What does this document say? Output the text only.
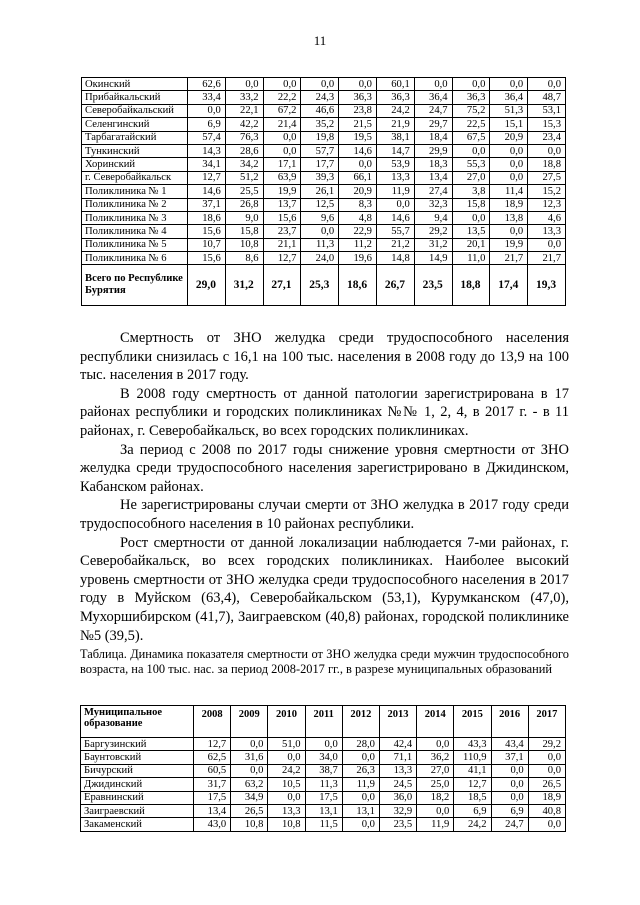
11
Окинский	62,6	0,0	0,0	0,0	0,0	60,1	0,0	0,0	0,0	0,0
Прибайкальский	33,4	33,2	22,2	24,3	36,3	36,3	36,4	36,3	36,4	48,7
Северобайкальский	0,0	22,1	67,2	46,6	23,8	24,2	24,7	75,2	51,3	53,1
Селенгинский	6,9	42,2	21,4	35,2	21,5	21,9	29,7	22,5	15,1	15,3
Тарбагатайский	57,4	76,3	0,0	19,8	19,5	38,1	18,4	67,5	20,9	23,4
Тункинский	14,3	28,6	0,0	57,7	14,6	14,7	29,9	0,0	0,0	0,0
Хоринский	34,1	34,2	17,1	17,7	0,0	53,9	18,3	55,3	0,0	18,8
г. Северобайкальск	12,7	51,2	63,9	39,3	66,1	13,3	13,4	27,0	0,0	27,5
Поликлиника № 1	14,6	25,5	19,9	26,1	20,9	11,9	27,4	3,8	11,4	15,2
Поликлиника № 2	37,1	26,8	13,7	12,5	8,3	0,0	32,3	15,8	18,9	12,3
Поликлиника № 3	18,6	9,0	15,6	9,6	4,8	14,6	9,4	0,0	13,8	4,6
Поликлиника № 4	15,6	15,8	23,7	0,0	22,9	55,7	29,2	13,5	0,0	13,3
Поликлиника № 5	10,7	10,8	21,1	11,3	11,2	21,2	31,2	20,1	19,9	0,0
Поликлиника № 6	15,6	8,6	12,7	24,0	19,6	14,8	14,9	11,0	21,7	21,7
Всего по Республике Бурятия	29,0	31,2	27,1	25,3	18,6	26,7	23,5	18,8	17,4	19,3

Смертность от ЗНО желудка среди трудоспособного населения республики снизилась с 16,1 на 100 тыс. населения в 2008 году до 13,9 на 100 тыс. населения в 2017 году.

В 2008 году смертность от данной патологии зарегистрирована в 17 районах республики и городских поликлиниках №№ 1, 2, 4, в 2017 г. - в 11 районах, г. Северобайкальск, во всех городских поликлиниках.

За период с 2008 по 2017 годы снижение уровня смертности от ЗНО желудка среди трудоспособного населения зарегистрировано в Джидинском, Кабанском районах.

Не зарегистрированы случаи смерти от ЗНО желудка в 2017 году среди трудоспособного населения в 10 районах республики.

Рост смертности от данной локализации наблюдается 7-ми районах, г. Северобайкальск, во всех городских поликлиниках. Наиболее высокий уровень смертности от ЗНО желудка среди трудоспособного населения в 2017 году в Муйском (63,4), Северобайкальском (53,1), Курумканском (47,0), Мухоршибирском (41,7), Заиграевском (40,8) районах, городской поликлинике №5 (39,5).

Таблица. Динамика показателя смертности от ЗНО желудка среди мужчин трудоспособного возраста, на 100 тыс. нас. за период 2008-2017 гг., в разрезе муниципальных образований
Муниципальное образование	2008	2009	2010	2011	2012	2013	2014	2015	2016	2017
Баргузинский	12,7	0,0	51,0	0,0	28,0	42,4	0,0	43,3	43,4	29,2
Баунтовский	62,5	31,6	0,0	34,0	0,0	71,1	36,2	110,9	37,1	0,0
Бичурский	60,5	0,0	24,2	38,7	26,3	13,3	27,0	41,1	0,0	0,0
Джидинский	31,7	63,2	10,5	11,3	11,9	24,5	25,0	12,7	0,0	26,5
Еравнинский	17,5	34,9	0,0	17,5	0,0	36,0	18,2	18,5	0,0	18,9
Заиграевский	13,4	26,5	13,3	13,1	13,1	32,9	0,0	6,9	6,9	40,8
Закаменский	43,0	10,8	10,8	11,5	0,0	23,5	11,9	24,2	24,7	0,0
